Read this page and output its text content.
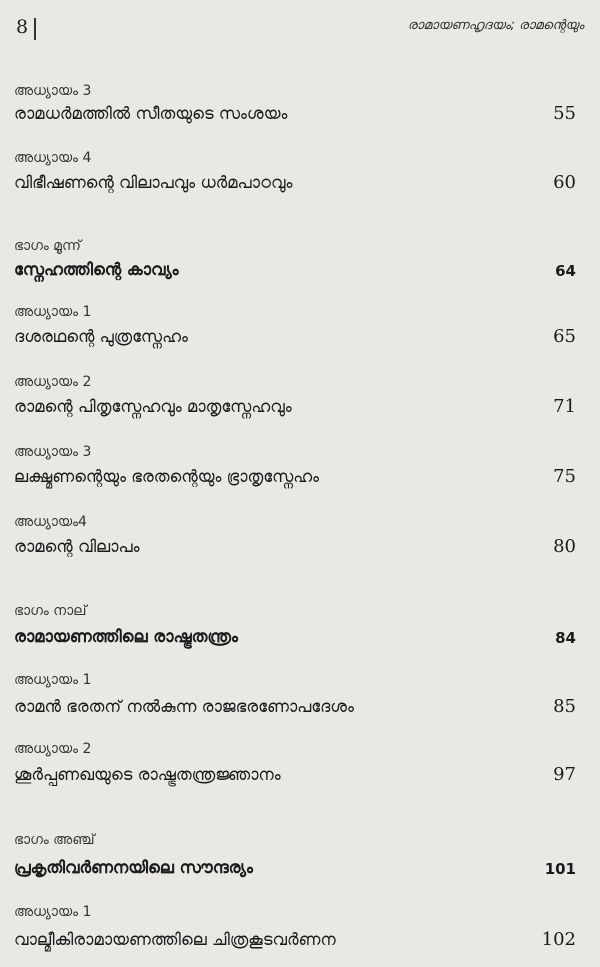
8	രാമായണഹൃദയം; രാമന്റെയും
അധ്യായം 3
രാമധർമത്തിൽ സീതയുടെ സംശയം	55
അധ്യായം 4
വിഭീഷണന്റെ വിലാപവും ധർമപാഠവും	60
ഭാഗം മൂന്ന്
സ്നേഹത്തിന്റെ കാവ്യം	64
അധ്യായം 1
ദശരഥന്റെ പുത്രസ്നേഹം	65
അധ്യായം 2
രാമന്റെ പിതൃസ്നേഹവും മാതൃസ്നേഹവും	71
അധ്യായം 3
ലക്ഷ്മണന്റെയും ഭരതന്റെയും ഭ്രാതൃസ്നേഹം	75
അധ്യായം4
രാമന്റെ വിലാപം	80
ഭാഗം നാല്
രാമായണത്തിലെ രാഷ്ട്രതന്ത്രം	84
അധ്യായം 1
രാമൻ ഭരതന് നൽകുന്ന രാജഭരണോപദേശം	85
അധ്യായം 2
ശൂർപ്പണഖയുടെ രാഷ്ട്രതന്ത്രജ്ഞാനം	97
ഭാഗം അഞ്ച്
പ്രകൃതിവർണനയിലെ സൗന്ദര്യം	101
അധ്യായം 1
വാല്മീകിരാമായണത്തിലെ ചിത്രകൂടവർണന	102
